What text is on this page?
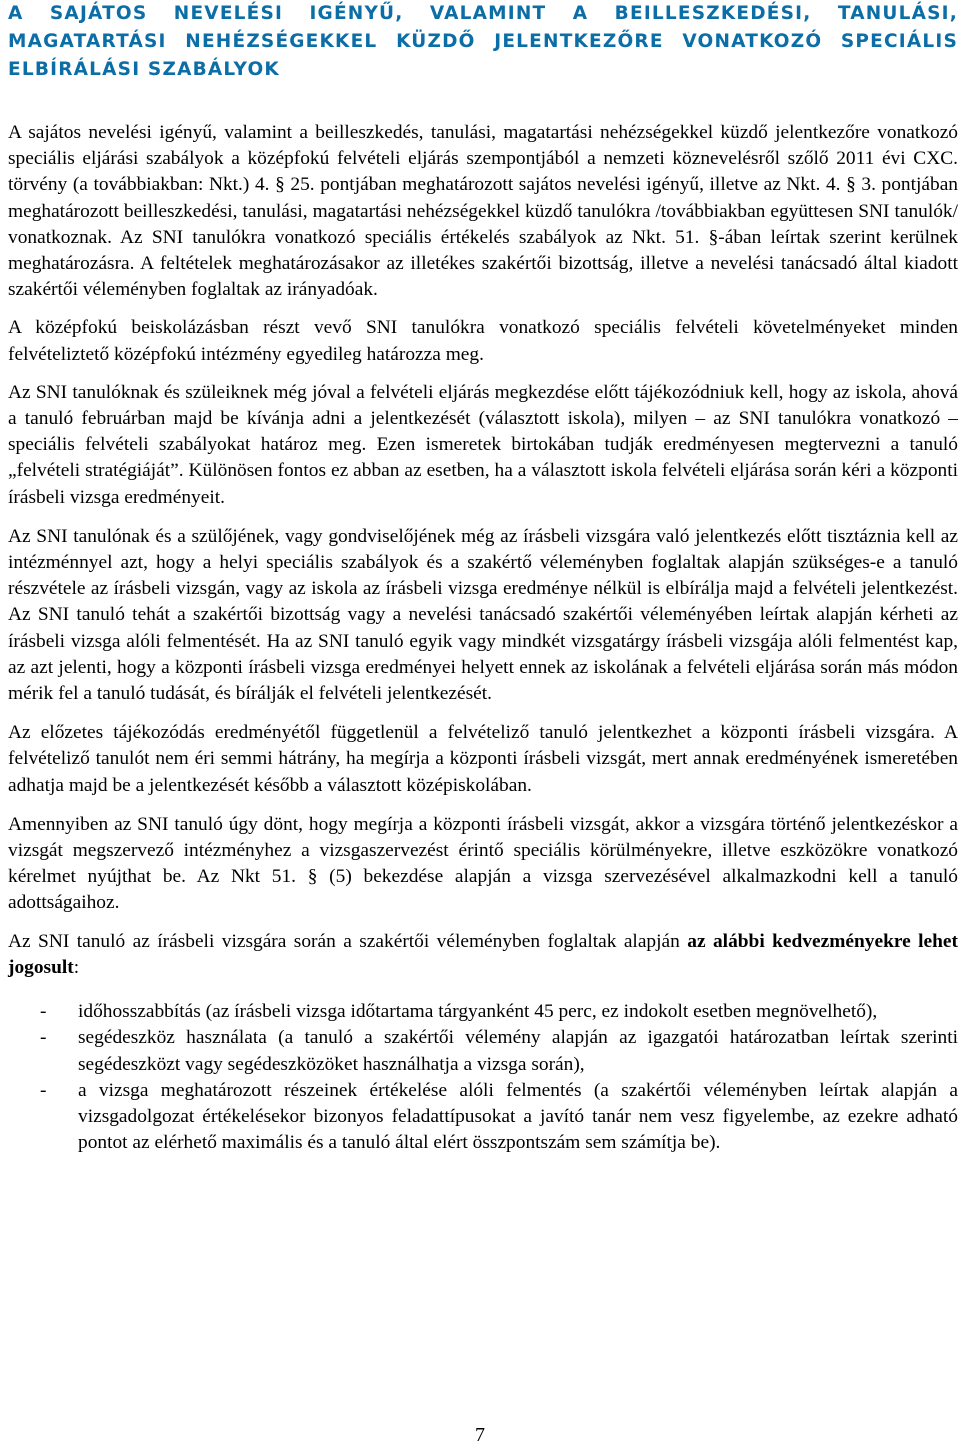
A SAJÁTOS NEVELÉSI IGÉNYŰ, VALAMINT A BEILLESZKEDÉSI, TANULÁSI, MAGATARTÁSI NEHÉZSÉGEKKEL KÜZDŐ JELENTKEZŐRE VONATKOZÓ SPECIÁLIS ELBÍRÁLÁSI SZABÁLYOK

A sajátos nevelési igényű, valamint a beilleszkedés, tanulási, magatartási nehézségekkel küzdő jelentkezőre vonatkozó speciális eljárási szabályok a középfokú felvételi eljárás szempontjából a nemzeti köznevelésről szőlő 2011 évi CXC. törvény (a továbbiakban: Nkt.) 4. § 25. pontjában meghatározott sajátos nevelési igényű, illetve az Nkt. 4. § 3. pontjában meghatározott beilleszkedési, tanulási, magatartási nehézségekkel küzdő tanulókra /továbbiakban együttesen SNI tanulók/ vonatkoznak. Az SNI tanulókra vonatkozó speciális értékelés szabályok az Nkt. 51. §-ában leírtak szerint kerülnek meghatározásra. A feltételek meghatározásakor az illetékes szakértői bizottság, illetve a nevelési tanácsadó által kiadott szakértői véleményben foglaltak az irányadóak.

A középfokú beiskolázásban részt vevő SNI tanulókra vonatkozó speciális felvételi követelményeket minden felvételiztető középfokú intézmény egyedileg határozza meg.

Az SNI tanulóknak és szüleiknek még jóval a felvételi eljárás megkezdése előtt tájékozódniuk kell, hogy az iskola, ahová a tanuló februárban majd be kívánja adni a jelentkezését (választott iskola), milyen – az SNI tanulókra vonatkozó – speciális felvételi szabályokat határoz meg. Ezen ismeretek birtokában tudják eredményesen megtervezni a tanuló „felvételi stratégiáját”. Különösen fontos ez abban az esetben, ha a választott iskola felvételi eljárása során kéri a központi írásbeli vizsga eredményeit.

Az SNI tanulónak és a szülőjének, vagy gondviselőjének még az írásbeli vizsgára való jelentkezés előtt tisztáznia kell az intézménnyel azt, hogy a helyi speciális szabályok és a szakértő véleményben foglaltak alapján szükséges-e a tanuló részvétele az írásbeli vizsgán, vagy az iskola az írásbeli vizsga eredménye nélkül is elbírálja majd a felvételi jelentkezést. Az SNI tanuló tehát a szakértői bizottság vagy a nevelési tanácsadó szakértői véleményében leírtak alapján kérheti az írásbeli vizsga alóli felmentését. Ha az SNI tanuló egyik vagy mindkét vizsgatárgy írásbeli vizsgája alóli felmentést kap, az azt jelenti, hogy a központi írásbeli vizsga eredményei helyett ennek az iskolának a felvételi eljárása során más módon mérik fel a tanuló tudását, és bírálják el felvételi jelentkezését.

Az előzetes tájékozódás eredményétől függetlenül a felvételiző tanuló jelentkezhet a központi írásbeli vizsgára. A felvételiző tanulót nem éri semmi hátrány, ha megírja a központi írásbeli vizsgát, mert annak eredményének ismeretében adhatja majd be a jelentkezését később a választott középiskolában.

Amennyiben az SNI tanuló úgy dönt, hogy megírja a központi írásbeli vizsgát, akkor a vizsgára történő jelentkezéskor a vizsgát megszervező intézményhez a vizsgaszervezést érintő speciális körülményekre, illetve eszközökre vonatkozó kérelmet nyújthat be. Az Nkt 51. § (5) bekezdése alapján a vizsga szervezésével alkalmazkodni kell a tanuló adottságaihoz.

Az SNI tanuló az írásbeli vizsgára során a szakértői véleményben foglaltak alapján az alábbi kedvezményekre lehet jogosult:

- időhosszabbítás (az írásbeli vizsga időtartama tárgyanként 45 perc, ez indokolt esetben megnövelhető),
- segédeszköz használata (a tanuló a szakértői vélemény alapján az igazgatói határozatban leírtak szerinti segédeszközt vagy segédeszközöket használhatja a vizsga során),
- a vizsga meghatározott részeinek értékelése alóli felmentés (a szakértői véleményben leírtak alapján a vizsgadolgozat értékelésekor bizonyos feladattípusokat a javító tanár nem vesz figyelembe, az ezekre adható pontot az elérhető maximális és a tanuló által elért összpontszám sem számítja be).
7
